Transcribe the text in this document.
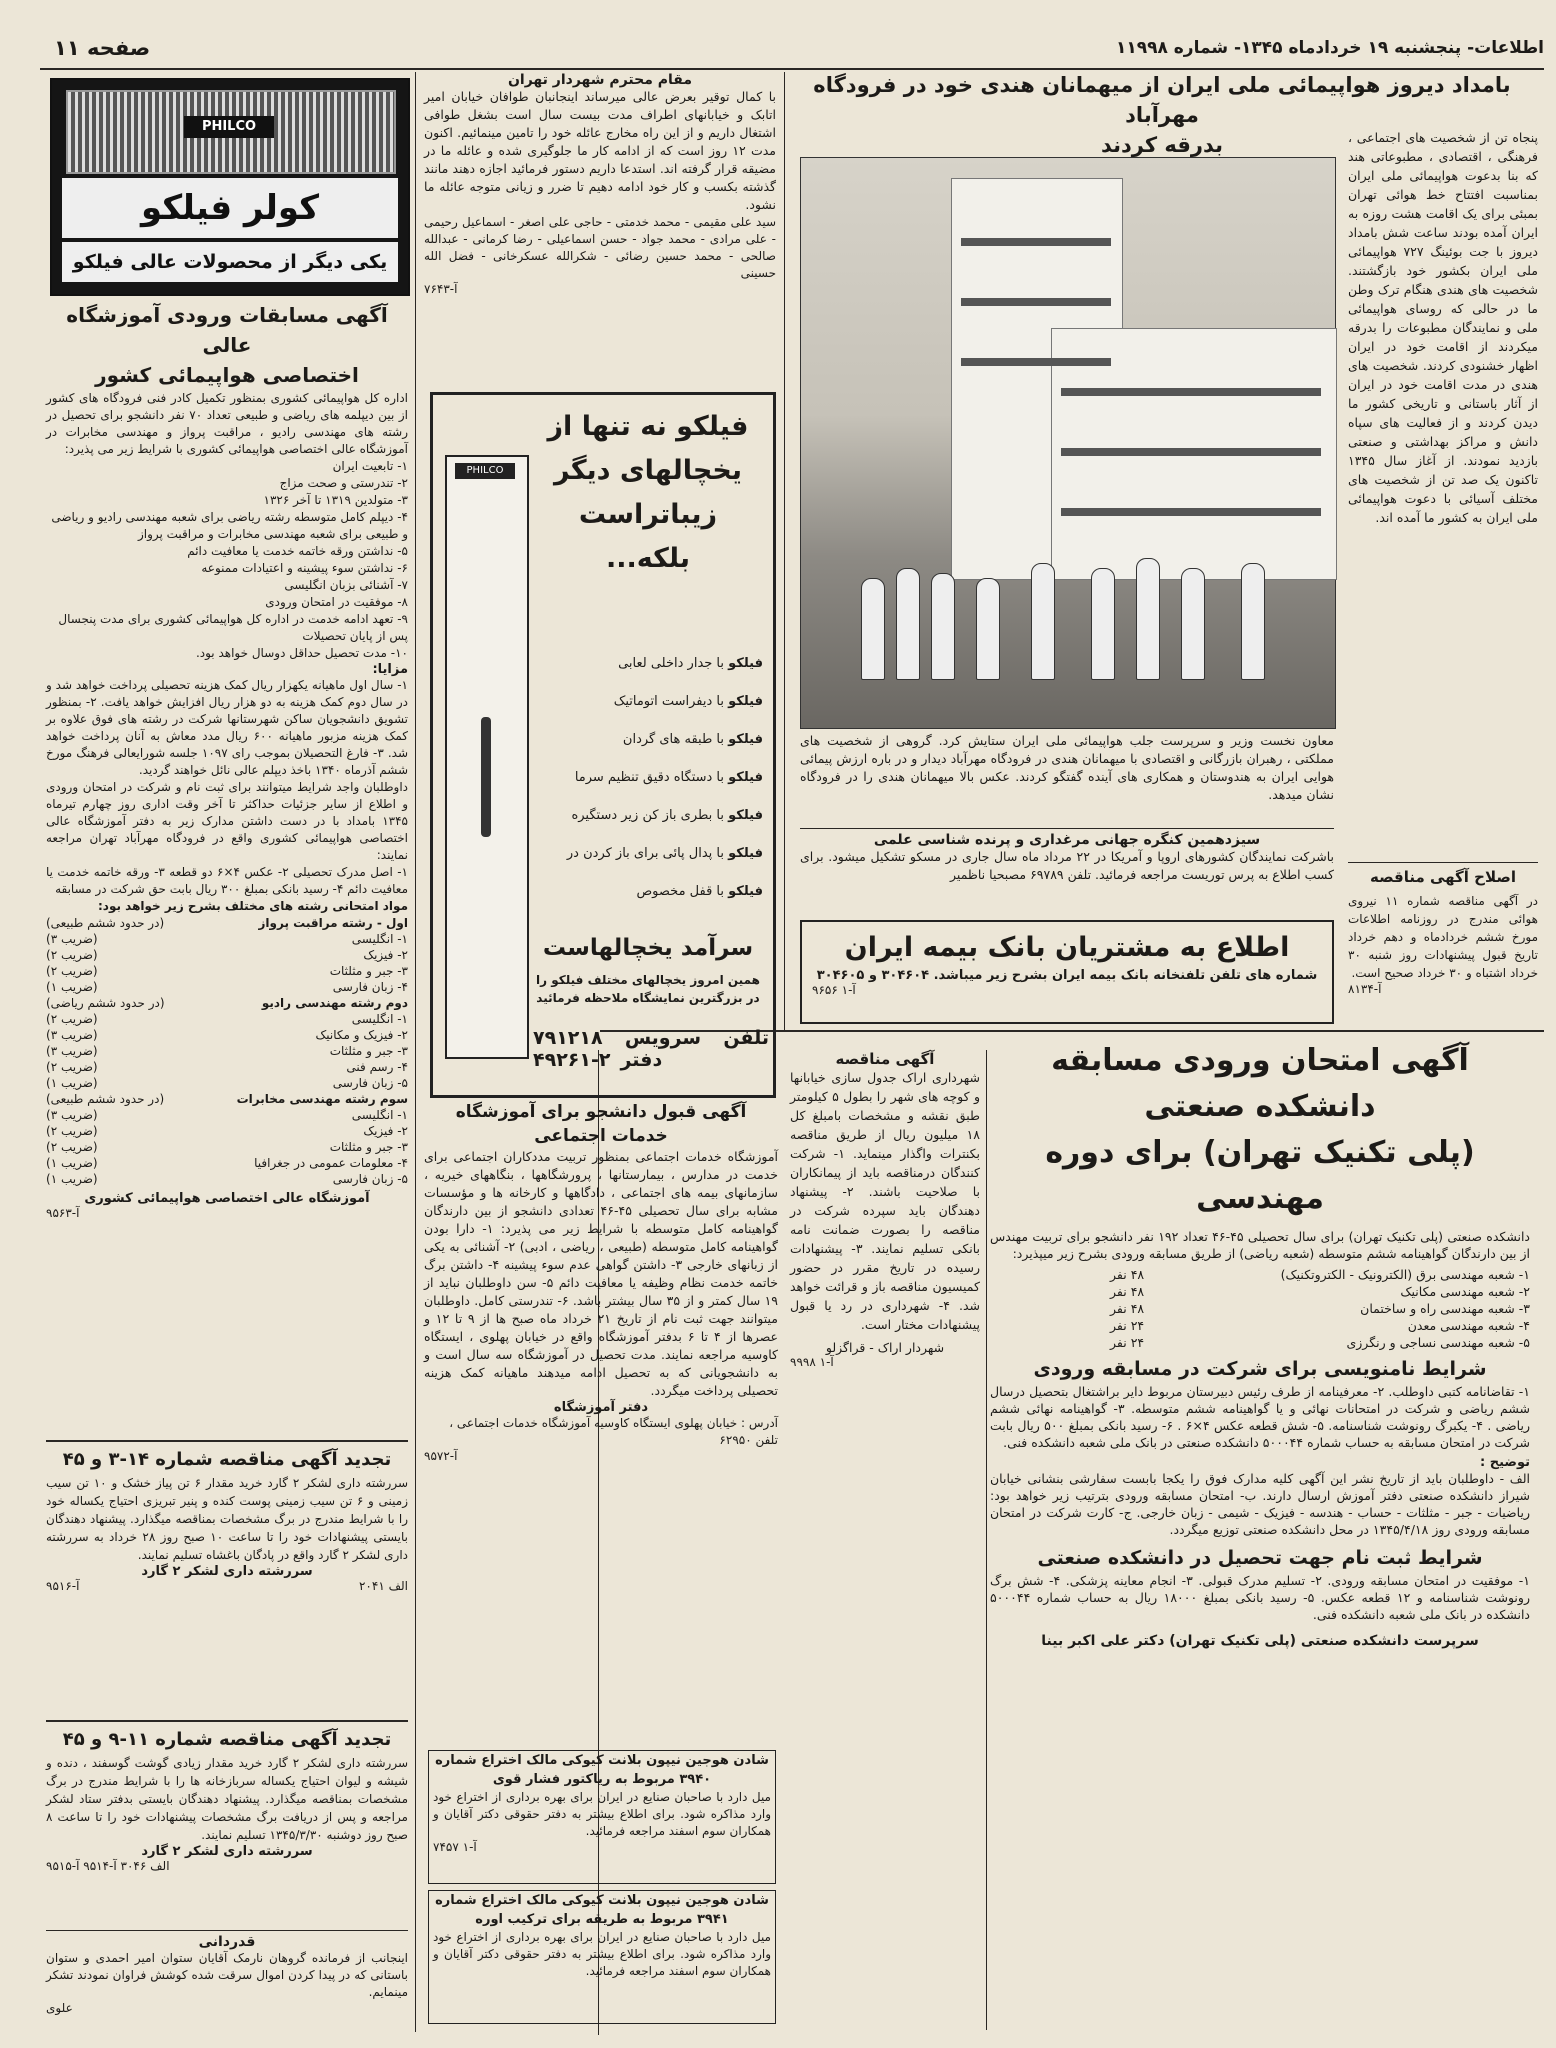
اطلاعات- پنجشنبه ۱۹ خردادماه ۱۳۴۵- شماره ۱۱۹۹۸
صفحه ۱۱
بامداد دیروز هواپیمائی ملی ایران از میهمانان هندی خود در فرودگاه مهرآباد
بدرقه کردند	پنجاه تن از شخصیت های اجتماعی ، فرهنگی ، اقتصادی ، مطبوعاتی هند که بنا بدعوت هواپیمائی ملی ایران بمناسبت افتتاح خط هوائی تهران بمبئی برای یک اقامت هشت روزه به ایران آمده بودند ساعت شش بامداد دیروز با جت بوئینگ ۷۲۷ هواپیمائی ملی ایران بکشور خود بازگشتند. شخصیت های هندی هنگام ترک وطن ما در حالی که روسای هواپیمائی ملی و نمایندگان مطبوعات را بدرقه میکردند از اقامت خود در ایران اظهار خشنودی کردند. شخصیت های هندی در مدت اقامت خود در ایران از آثار باستانی و تاریخی کشور ما دیدن کردند و از فعالیت های سپاه دانش و مراکز بهداشتی و صنعتی بازدید نمودند. از آغاز سال ۱۳۴۵ تاکنون یک صد تن از شخصیت های مختلف آسیائی با دعوت هواپیمائی ملی ایران به کشور ما آمده اند.
معاون نخست وزیر و سرپرست جلب هواپیمائی ملی ایران ستایش کرد. گروهی از شخصیت های مملکتی ، رهبران بازرگانی و اقتصادی با میهمانان هندی در فرودگاه مهرآباد دیدار و در باره ارزش پیمائی هوایی ایران به هندوستان و همکاری های آینده گفتگو کردند. عکس بالا میهمانان هندی را در فرودگاه نشان میدهد.
سیزدهمین کنگره جهانی مرغداری و پرنده شناسی علمی
باشرکت نمایندگان کشورهای اروپا و آمریکا در ۲۲ مرداد ماه سال جاری در مسکو تشکیل میشود. برای کسب اطلاع به پرس توریست مراجعه فرمائید. تلفن ۶۹۷۸۹ مصبحیا ناظمیر	اصلاح آگهی مناقصه
در آگهی مناقصه شماره ۱۱ نیروی هوائی مندرج در روزنامه اطلاعات مورخ ششم خردادماه و دهم خرداد تاریخ قبول پیشنهادات روز شنبه ۳۰ خرداد اشتباه و ۳۰ خرداد صحیح است.
آ-۸۱۳۴
اطلاع به مشتریان بانک بیمه ایران
شماره های تلفن تلفنخانه بانک بیمه ایران بشرح زیر میباشد. ۳۰۴۶۰۴ و ۳۰۴۶۰۵
آ-۱ ۹۶۵۶
آگهی امتحان ورودی مسابقه دانشکده صنعتی
(پلی تکنیک تهران) برای دوره مهندسی
دانشکده صنعتی (پلی تکنیک تهران) برای سال تحصیلی ۴۵-۴۶ تعداد ۱۹۲ نفر دانشجو برای تربیت مهندس از بین دارندگان گواهینامه ششم متوسطه (شعبه ریاضی) از طریق مسابقه ورودی بشرح زیر میپذیرد:
۱- شعبه مهندسی برق (الکترونیک - الکتروتکنیک)
۴۸ نفر
۲- شعبه مهندسی مکانیک
۴۸ نفر
۳- شعبه مهندسی راه و ساختمان
۴۸ نفر
۴- شعبه مهندسی معدن
۲۴ نفر
۵- شعبه مهندسی نساجی و رنگرزی
۲۴ نفر
شرایط نامنویسی برای شرکت در مسابقه ورودی
۱- تقاضانامه کتبی داوطلب. ۲- معرفینامه از طرف رئیس دبیرستان مربوط دایر براشتغال بتحصیل درسال ششم ریاضی و شرکت در امتحانات نهائی و یا گواهینامه ششم متوسطه. ۳- گواهینامه نهائی ششم ریاضی . ۴- یکبرگ رونوشت شناسنامه. ۵- شش قطعه عکس ۴×۶ . ۶- رسید بانکی بمبلغ ۵۰۰ ریال بابت شرکت در امتحان مسابقه به حساب شماره ۵۰۰۰۴۴ دانشکده صنعتی در بانک ملی شعبه دانشکده فنی.
توضیح :
الف - داوطلبان باید از تاریخ نشر این آگهی کلیه مدارک فوق را یکجا بابست سفارشی بنشانی خیابان شیراز دانشکده صنعتی دفتر آموزش ارسال دارند. ب- امتحان مسابقه ورودی بترتیب زیر خواهد بود: ریاضیات - جبر - مثلثات - حساب - هندسه - فیزیک - شیمی - زبان خارجی. ج- کارت شرکت در امتحان مسابقه ورودی روز ۱۳۴۵/۴/۱۸ در محل دانشکده صنعتی توزیع میگردد.
شرایط ثبت نام جهت تحصیل در دانشکده صنعتی
۱- موفقیت در امتحان مسابقه ورودی. ۲- تسلیم مدرک قبولی. ۳- انجام معاینه پزشکی. ۴- شش برگ رونوشت شناسنامه و ۱۲ قطعه عکس. ۵- رسید بانکی بمبلغ ۱۸۰۰۰ ریال به حساب شماره ۵۰۰۰۴۴ دانشکده در بانک ملی شعبه دانشکده فنی.
سرپرست دانشکده صنعتی (پلی تکنیک تهران) دکتر علی اکبر بینا
آگهی مناقصه
شهرداری اراک جدول سازی خیابانها و کوچه های شهر را بطول ۵ کیلومتر طبق نقشه و مشخصات بامبلغ کل ۱۸ میلیون ریال از طریق مناقصه بکنترات واگذار مینماید. ۱- شرکت کنندگان درمناقصه باید از پیمانکاران با صلاحیت باشند. ۲- پیشنهاد دهندگان باید سپرده شرکت در مناقصه را بصورت ضمانت نامه بانکی تسلیم نمایند. ۳- پیشنهادات رسیده در تاریخ مقرر در حضور کمیسیون مناقصه باز و قرائت خواهد شد. ۴- شهرداری در رد یا قبول پیشنهادات مختار است.
شهردار اراک - قراگزلو
آ-۱ ۹۹۹۸
مقام محترم شهردار تهران
با کمال توقیر بعرض عالی میرساند اینجانبان طوافان خیابان امیر اتابک و خیابانهای اطراف مدت بیست سال است بشغل طوافی اشتغال داریم و از این راه مخارج عائله خود را تامین مینمائیم. اکنون مدت ۱۲ روز است که از ادامه کار ما جلوگیری شده و عائله ما در مضیقه قرار گرفته اند. استدعا داریم دستور فرمائید اجازه دهند مانند گذشته بکسب و کار خود ادامه دهیم تا ضرر و زیانی متوجه عائله ما نشود.
سید علی مقیمی - محمد خدمتی - حاجی علی اصغر - اسماعیل رحیمی - علی مرادی - محمد جواد - حسن اسماعیلی - رضا کرمانی - عبدالله صالحی - محمد حسین رضائی - شکرالله عسکرخانی - فضل الله حسینی
آ-۷۶۴۳
PHILCO
فیلکو نه تنها از یخچالهای دیگر زیباتراست بلکه...
فیلکو با جدار داخلی لعابی
فیلکو با دیفراست اتوماتیک
فیلکو با طبقه های گردان
فیلکو با دستگاه دقیق تنظیم سرما
فیلکو با بطری باز کن زیر دستگیره
فیلکو با پدال پائی برای باز کردن در
فیلکو با قفل مخصوص
سرآمد یخچالهاست
همین امروز یخچالهای مختلف فیلکو را در بزرگترین نمایشگاه ملاحظه فرمائید
تلفن
سرویس
۷۹۱۲۱۸
دفتر
۴۹۲۶۱-۲
آگهی قبول دانشجو برای آموزشگاه
خدمات اجتماعی
آموزشگاه خدمات اجتماعی بمنظور تربیت مددکاران اجتماعی برای خدمت در مدارس ، بیمارستانها ، پرورشگاهها ، بنگاههای خیریه ، سازمانهای بیمه های اجتماعی ، دادگاهها و کارخانه ها و مؤسسات مشابه برای سال تحصیلی ۴۵-۴۶ تعدادی دانشجو از بین دارندگان گواهینامه کامل متوسطه با شرایط زیر می پذیرد: ۱- دارا بودن گواهینامه کامل متوسطه (طبیعی ، ریاضی ، ادبی) ۲- آشنائی به یکی از زبانهای خارجی ۳- داشتن گواهی عدم سوء پیشینه ۴- داشتن برگ خاتمه خدمت نظام وظیفه یا معافیت دائم ۵- سن داوطلبان نباید از ۱۹ سال کمتر و از ۳۵ سال بیشتر باشد. ۶- تندرستی کامل. داوطلبان میتوانند جهت ثبت نام از تاریخ ۲۱ خرداد ماه صبح ها از ۹ تا ۱۲ و عصرها از ۴ تا ۶ بدفتر آموزشگاه واقع در خیابان پهلوی ، ایستگاه کاوسیه مراجعه نمایند. مدت تحصیل در آموزشگاه سه سال است و به دانشجویانی که به تحصیل ادامه میدهند ماهیانه کمک هزینه تحصیلی پرداخت میگردد.
دفتر آموزشگاه
آدرس : خیابان پهلوی ایستگاه کاوسیه آموزشگاه خدمات اجتماعی ، تلفن ۶۲۹۵۰
آ-۹۵۷۲
شادن هوجین نیپون بلانت کیوکی مالک اختراع شماره ۳۹۴۰ مربوط به ریاکتور فشار قوی
میل دارد با صاحبان صنایع در ایران برای بهره برداری از اختراع خود وارد مذاکره شود. برای اطلاع بیشتر به دفتر حقوقی دکتر آقایان و همکاران سوم اسفند مراجعه فرمائید.
آ-۱ ۷۴۵۷
شادن هوجین نیپون بلانت کیوکی مالک اختراع شماره ۳۹۴۱ مربوط به طریقه برای ترکیب اوره
میل دارد با صاحبان صنایع در ایران برای بهره برداری از اختراع خود وارد مذاکره شود. برای اطلاع بیشتر به دفتر حقوقی دکتر آقایان و همکاران سوم اسفند مراجعه فرمائید.
PHILCO
کولر فیلکو
یکی دیگر از محصولات عالی فیلکو
آگهی مسابقات ورودی آموزشگاه عالی
اختصاصی هواپیمائی کشور
اداره کل هواپیمائی کشوری بمنظور تکمیل کادر فنی فرودگاه های کشور از بین دیپلمه های ریاضی و طبیعی تعداد ۷۰ نفر دانشجو برای تحصیل در رشته های مهندسی رادیو ، مراقبت پرواز و مهندسی مخابرات در آموزشگاه عالی اختصاصی هواپیمائی کشوری با شرایط زیر می پذیرد:
۱- تابعیت ایران
۲- تندرستی و صحت مزاج
۳- متولدین ۱۳۱۹ تا آخر ۱۳۲۶
۴- دیپلم کامل متوسطه رشته ریاضی برای شعبه مهندسی رادیو و ریاضی و طبیعی برای شعبه مهندسی مخابرات و مراقبت پرواز
۵- نداشتن ورقه خاتمه خدمت یا معافیت دائم
۶- نداشتن سوء پیشینه و اعتیادات ممنوعه
۷- آشنائی بزبان انگلیسی
۸- موفقیت در امتحان ورودی
۹- تعهد ادامه خدمت در اداره کل هواپیمائی کشوری برای مدت پنجسال پس از پایان تحصیلات
۱۰- مدت تحصیل حداقل دوسال خواهد بود.
مزایا:
۱- سال اول ماهیانه یکهزار ریال کمک هزینه تحصیلی پرداخت خواهد شد و در سال دوم کمک هزینه به دو هزار ریال افزایش خواهد یافت. ۲- بمنظور تشویق دانشجویان ساکن شهرستانها شرکت در رشته های فوق علاوه بر کمک هزینه مزبور ماهیانه ۶۰۰ ریال مدد معاش به آنان پرداخت خواهد شد. ۳- فارغ التحصیلان بموجب رای ۱۰۹۷ جلسه شورایعالی فرهنگ مورخ ششم آذرماه ۱۳۴۰ باخذ دیپلم عالی نائل خواهند گردید.
داوطلبان واجد شرایط میتوانند برای ثبت نام و شرکت در امتحان ورودی و اطلاع از سایر جزئیات حداکثر تا آخر وقت اداری روز چهارم تیرماه ۱۳۴۵ بامداد با در دست داشتن مدارک زیر به دفتر آموزشگاه عالی اختصاصی هواپیمائی کشوری واقع در فرودگاه مهرآباد تهران مراجعه نمایند:
۱- اصل مدرک تحصیلی ۲- عکس ۴×۶ دو قطعه ۳- ورقه خاتمه خدمت یا معافیت دائم ۴- رسید بانکی بمبلغ ۳۰۰ ریال بابت حق شرکت در مسابقه
مواد امتحانی رشته های مختلف بشرح زیر خواهد بود:
اول - رشته مراقبت پرواز
(در حدود ششم طبیعی)
۱- انگلیسی
(ضریب ۳)
۲- فیزیک
(ضریب ۲)
۳- جبر و مثلثات
(ضریب ۲)
۴- زبان فارسی
(ضریب ۱)
دوم رشته مهندسی رادیو
(در حدود ششم ریاضی)
۱- انگلیسی
(ضریب ۲)
۲- فیزیک و مکانیک
(ضریب ۳)
۳- جبر و مثلثات
(ضریب ۳)
۴- رسم فنی
(ضریب ۲)
۵- زبان فارسی
(ضریب ۱)
سوم رشته مهندسی مخابرات
(در حدود ششم طبیعی)
۱- انگلیسی
(ضریب ۳)
۲- فیزیک
(ضریب ۲)
۳- جبر و مثلثات
(ضریب ۲)
۴- معلومات عمومی در جغرافیا
(ضریب ۱)
۵- زبان فارسی
(ضریب ۱)
آموزشگاه عالی اختصاصی هواپیمائی کشوری
آ-۹۵۶۳
تجدید آگهی مناقصه شماره ۱۴-۳ و ۴۵
سررشته داری لشکر ۲ گارد خرید مقدار ۶ تن پیاز خشک و ۱۰ تن سیب زمینی و ۶ تن سیب زمینی پوست کنده و پنیر تبریزی احتیاج یکساله خود را با شرایط مندرج در برگ مشخصات بمناقصه میگذارد. پیشنهاد دهندگان بایستی پیشنهادات خود را تا ساعت ۱۰ صبح روز ۲۸ خرداد به سررشته داری لشکر ۲ گارد واقع در پادگان باغشاه تسلیم نمایند.
سررشته داری لشکر ۲ گارد
الف ۲۰۴۱
آ-۹۵۱۶
تجدید آگهی مناقصه شماره ۱۱-۹ و ۴۵
سررشته داری لشکر ۲ گارد خرید مقدار زیادی گوشت گوسفند ، دنده و شیشه و لیوان احتیاج یکساله سربازخانه ها را با شرایط مندرج در برگ مشخصات بمناقصه میگذارد. پیشنهاد دهندگان بایستی بدفتر ستاد لشکر مراجعه و پس از دریافت برگ مشخصات پیشنهادات خود را تا ساعت ۸ صبح روز دوشنبه ۱۳۴۵/۳/۳۰ تسلیم نمایند.
سررشته داری لشکر ۲ گارد
الف ۳۰۴۶ آ-۹۵۱۴ آ-۹۵۱۵
قدردانی
اینجانب از فرمانده گروهان نارمک آقایان ستوان امیر احمدی و ستوان باستانی که در پیدا کردن اموال سرقت شده کوشش فراوان نمودند تشکر مینمایم.
علوی
